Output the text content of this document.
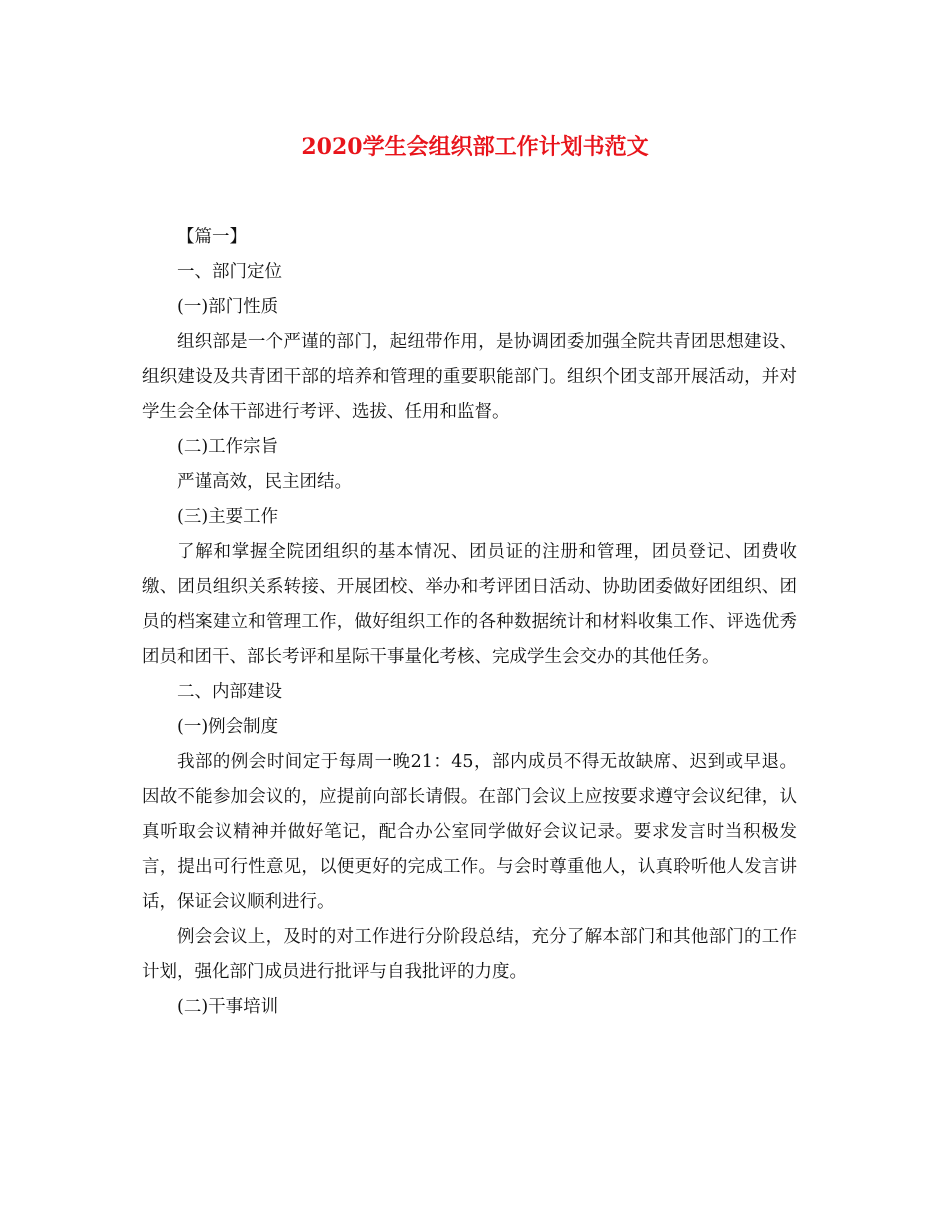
2020学生会组织部工作计划书范文

【篇一】

一、部门定位

(一)部门性质

组织部是一个严谨的部门，起纽带作用，是协调团委加强全院共青团思想建设、组织建设及共青团干部的培养和管理的重要职能部门。组织个团支部开展活动，并对学生会全体干部进行考评、选拔、任用和监督。

(二)工作宗旨

严谨高效，民主团结。

(三)主要工作

了解和掌握全院团组织的基本情况、团员证的注册和管理，团员登记、团费收缴、团员组织关系转接、开展团校、举办和考评团日活动、协助团委做好团组织、团员的档案建立和管理工作，做好组织工作的各种数据统计和材料收集工作、评选优秀团员和团干、部长考评和星际干事量化考核、完成学生会交办的其他任务。

二、内部建设

(一)例会制度

我部的例会时间定于每周一晚21：45，部内成员不得无故缺席、迟到或早退。因故不能参加会议的，应提前向部长请假。在部门会议上应按要求遵守会议纪律，认真听取会议精神并做好笔记，配合办公室同学做好会议记录。要求发言时当积极发言，提出可行性意见，以便更好的完成工作。与会时尊重他人，认真聆听他人发言讲话，保证会议顺利进行。

例会会议上，及时的对工作进行分阶段总结，充分了解本部门和其他部门的工作计划，强化部门成员进行批评与自我批评的力度。

(二)干事培训
